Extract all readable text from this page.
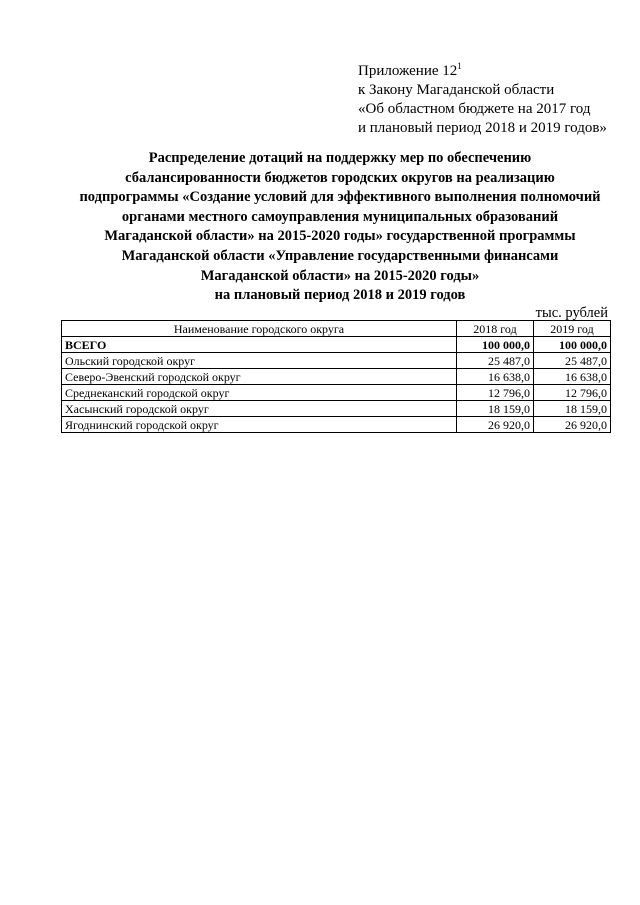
Приложение $12^1$
к Закону Магаданской области
«Об областном бюджете на 2017 год
и плановый период 2018 и 2019 годов»
Распределение дотаций на поддержку мер по обеспечению
сбалансированности бюджетов городских округов на реализацию
подпрограммы «Создание условий для эффективного выполнения полномочий
органами местного самоуправления муниципальных образований
Магаданской области» на 2015-2020 годы» государственной программы
Магаданской области «Управление государственными финансами
Магаданской области» на 2015-2020 годы»
на плановый период 2018 и 2019 годов
тыс. рублей
Наименование городского округа	2018 год	2019 год
ВСЕГО	100 000,0	100 000,0
Ольский городской округ	25 487,0	25 487,0
Северо-Эвенский городской округ	16 638,0	16 638,0
Среднеканский городской округ	12 796,0	12 796,0
Хасынский городской округ	18 159,0	18 159,0
Ягоднинский городской округ	26 920,0	26 920,0
